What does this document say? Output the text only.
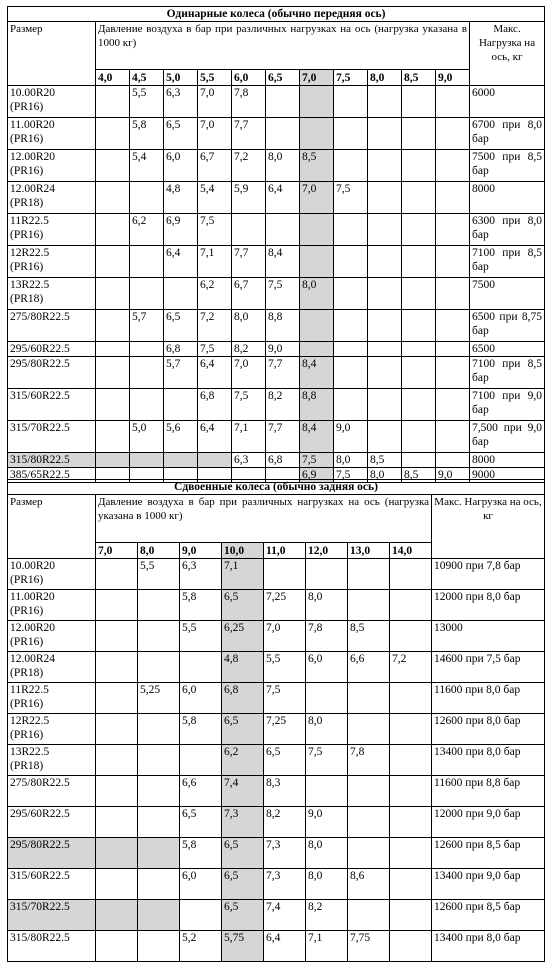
Одинарные колеса (обычно передняя ось)												
Размер	Давление воздуха в бар при различных нагрузках на ось (нагрузка указана в 1000 кг)											Макс. Нагрузка на ось, кг
	4,0	4,5	5,0	5,5	6,0	6,5	7,0	7,5	8,0	8,5	9,0	
10.00R20
(PR16)		5,5	6,3	7,0	7,8							6000
11.00R20
(PR16)		5,8	6,5	7,0	7,7							6700 при 8,0 бар
12.00R20
(PR16)		5,4	6,0	6,7	7,2	8,0	8,5					7500 при 8,5 бар
12.00R24
(PR18)			4,8	5,4	5,9	6,4	7,0	7,5				8000
11R22.5
(PR16)		6,2	6,9	7,5								6300 при 8,0 бар
12R22.5
(PR16)			6,4	7,1	7,7	8,4						7100 при 8,5 бар
13R22.5
(PR18)				6,2	6,7	7,5	8,0					7500
275/80R22.5		5,7	6,5	7,2	8,0	8,8						6500 при 8,75 бар
295/60R22.5			6,8	7,5	8,2	9,0						6500
295/80R22.5			5,7	6,4	7,0	7,7	8,4					7100 при 8,5 бар
315/60R22.5				6,8	7,5	8,2	8,8					7100 при 9,0 бар
315/70R22.5		5,0	5,6	6,4	7,1	7,7	8,4	9,0				7,500 при 9,0 бар
315/80R22.5					6,3	6,8	7,5	8,0	8,5			8000
385/65R22.5							6,9	7,5	8,0	8,5	9,0	9000
Сдвоенные колеса (обычно задняя ось)									
Размер	Давление воздуха в бар при различных нагрузках на ось (нагрузка указана в 1000 кг)								Макс. Нагрузка на ось, кг
	7,0	8,0	9,0	10,0	11,0	12,0	13,0	14,0	
10.00R20
(PR16)		5,5	6,3	7,1					10900 при 7,8 бар
11.00R20
(PR16)			5,8	6,5	7,25	8,0			12000 при 8,0 бар
12.00R20
(PR16)			5,5	6,25	7,0	7,8	8,5		13000
12.00R24
(PR18)				4,8	5,5	6,0	6,6	7,2	14600 при 7,5 бар
11R22.5
(PR16)		5,25	6,0	6,8	7,5				11600 при 8,0 бар
12R22.5
(PR16)			5,8	6,5	7,25	8,0			12600 при 8,0 бар
13R22.5
(PR18)				6,2	6,5	7,5	7,8		13400 при 8,0 бар
275/80R22.5			6,6	7,4	8,3				11600 при 8,8 бар
295/60R22.5			6,5	7,3	8,2	9,0			12000 при 9,0 бар
295/80R22.5			5,8	6,5	7,3	8,0			12600 при 8,5 бар
315/60R22.5			6,0	6,5	7,3	8,0	8,6		13400 при 9,0 бар
315/70R22.5				6,5	7,4	8,2			12600 при 8,5 бар
315/80R22.5			5,2	5,75	6,4	7,1	7,75		13400 при 8,0 бар
